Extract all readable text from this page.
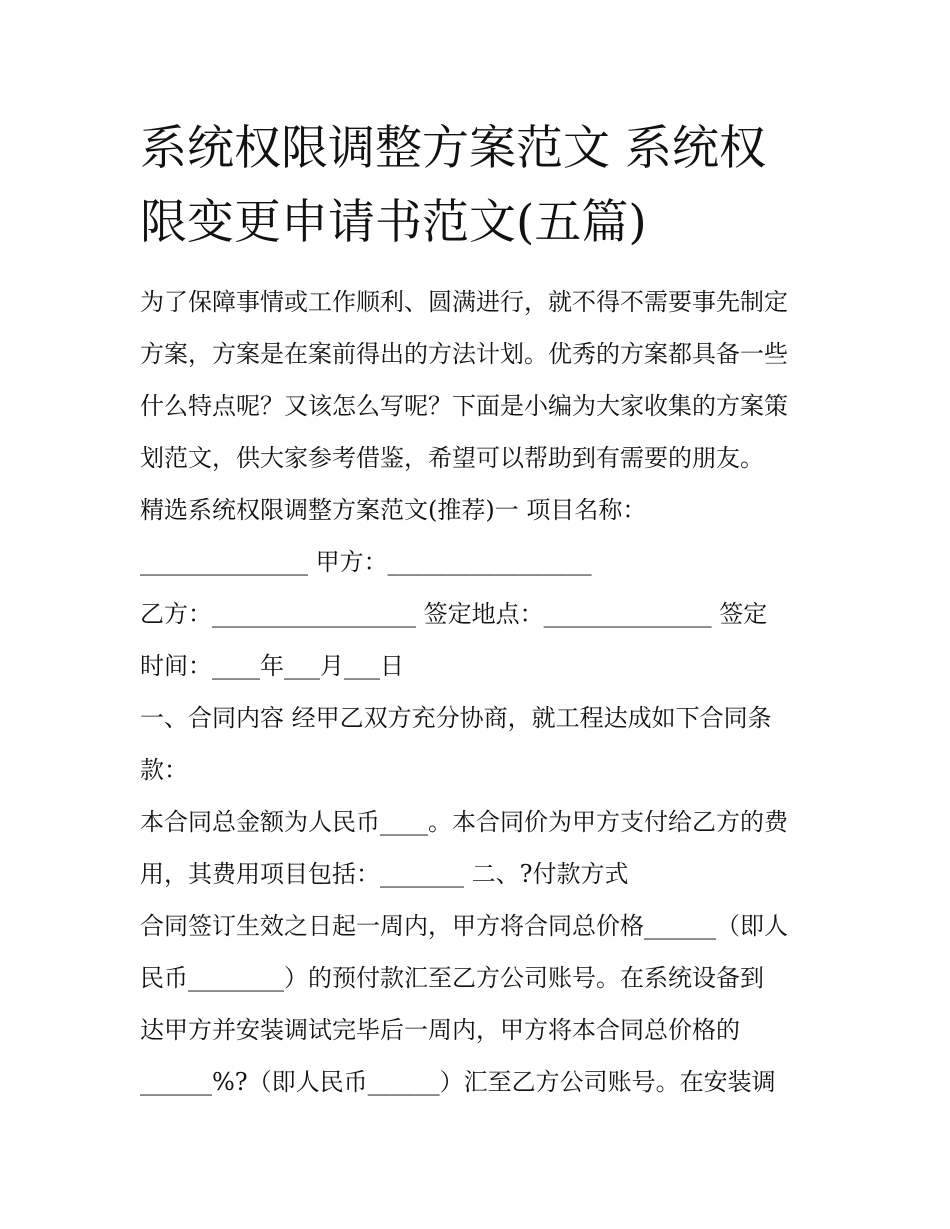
系统权限调整方案范文 系统权
限变更申请书范文(五篇)
为了保障事情或工作顺利、圆满进行，就不得不需要事先制定
方案，方案是在案前得出的方法计划。优秀的方案都具备一些
什么特点呢？又该怎么写呢？下面是小编为大家收集的方案策
划范文，供大家参考借鉴，希望可以帮助到有需要的朋友。
精选系统权限调整方案范文(推荐)一 项目名称：
______________ 甲方：_________________
乙方：_________________ 签定地点：______________ 签定
时间：____年___月___日
一、合同内容 经甲乙双方充分协商，就工程达成如下合同条
款：
本合同总金额为人民币____。本合同价为甲方支付给乙方的费
用，其费用项目包括：_______ 二、?付款方式
合同签订生效之日起一周内，甲方将合同总价格______（即人
民币________）的预付款汇至乙方公司账号。在系统设备到
达甲方并安装调试完毕后一周内，甲方将本合同总价格的
______%?（即人民币______）汇至乙方公司账号。在安装调
